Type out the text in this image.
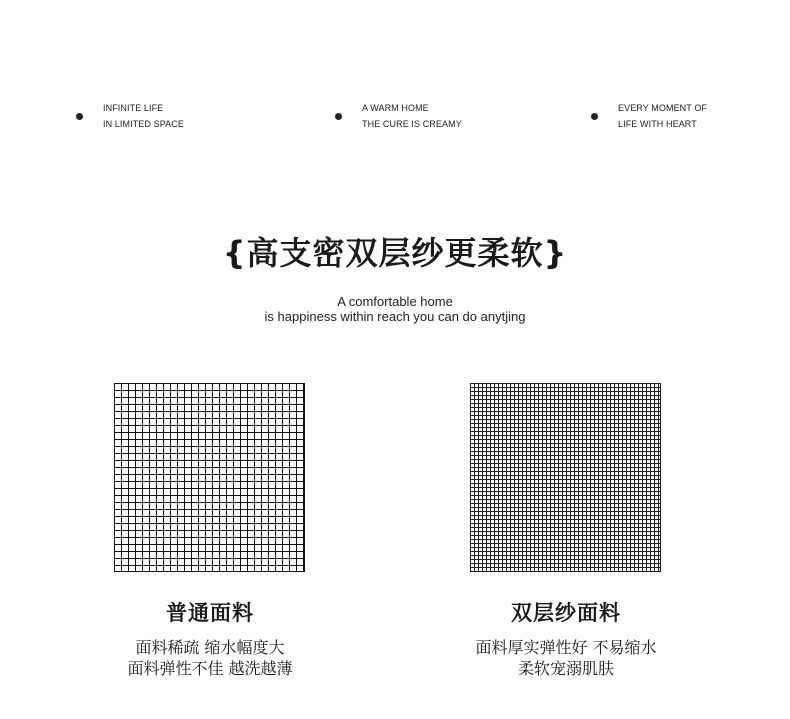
INFINITE LIFE
IN LIMITED SPACE
A WARM HOME
THE CURE IS CREAMY
EVERY MOMENT OF
LIFE WITH HEART
{高支密双层纱更柔软}
A comfortable home
is happiness within reach you can do anytjing
普通面料
面料稀疏 缩水幅度大
面料弹性不佳 越洗越薄
双层纱面料
面料厚实弹性好 不易缩水
柔软宠溺肌肤
